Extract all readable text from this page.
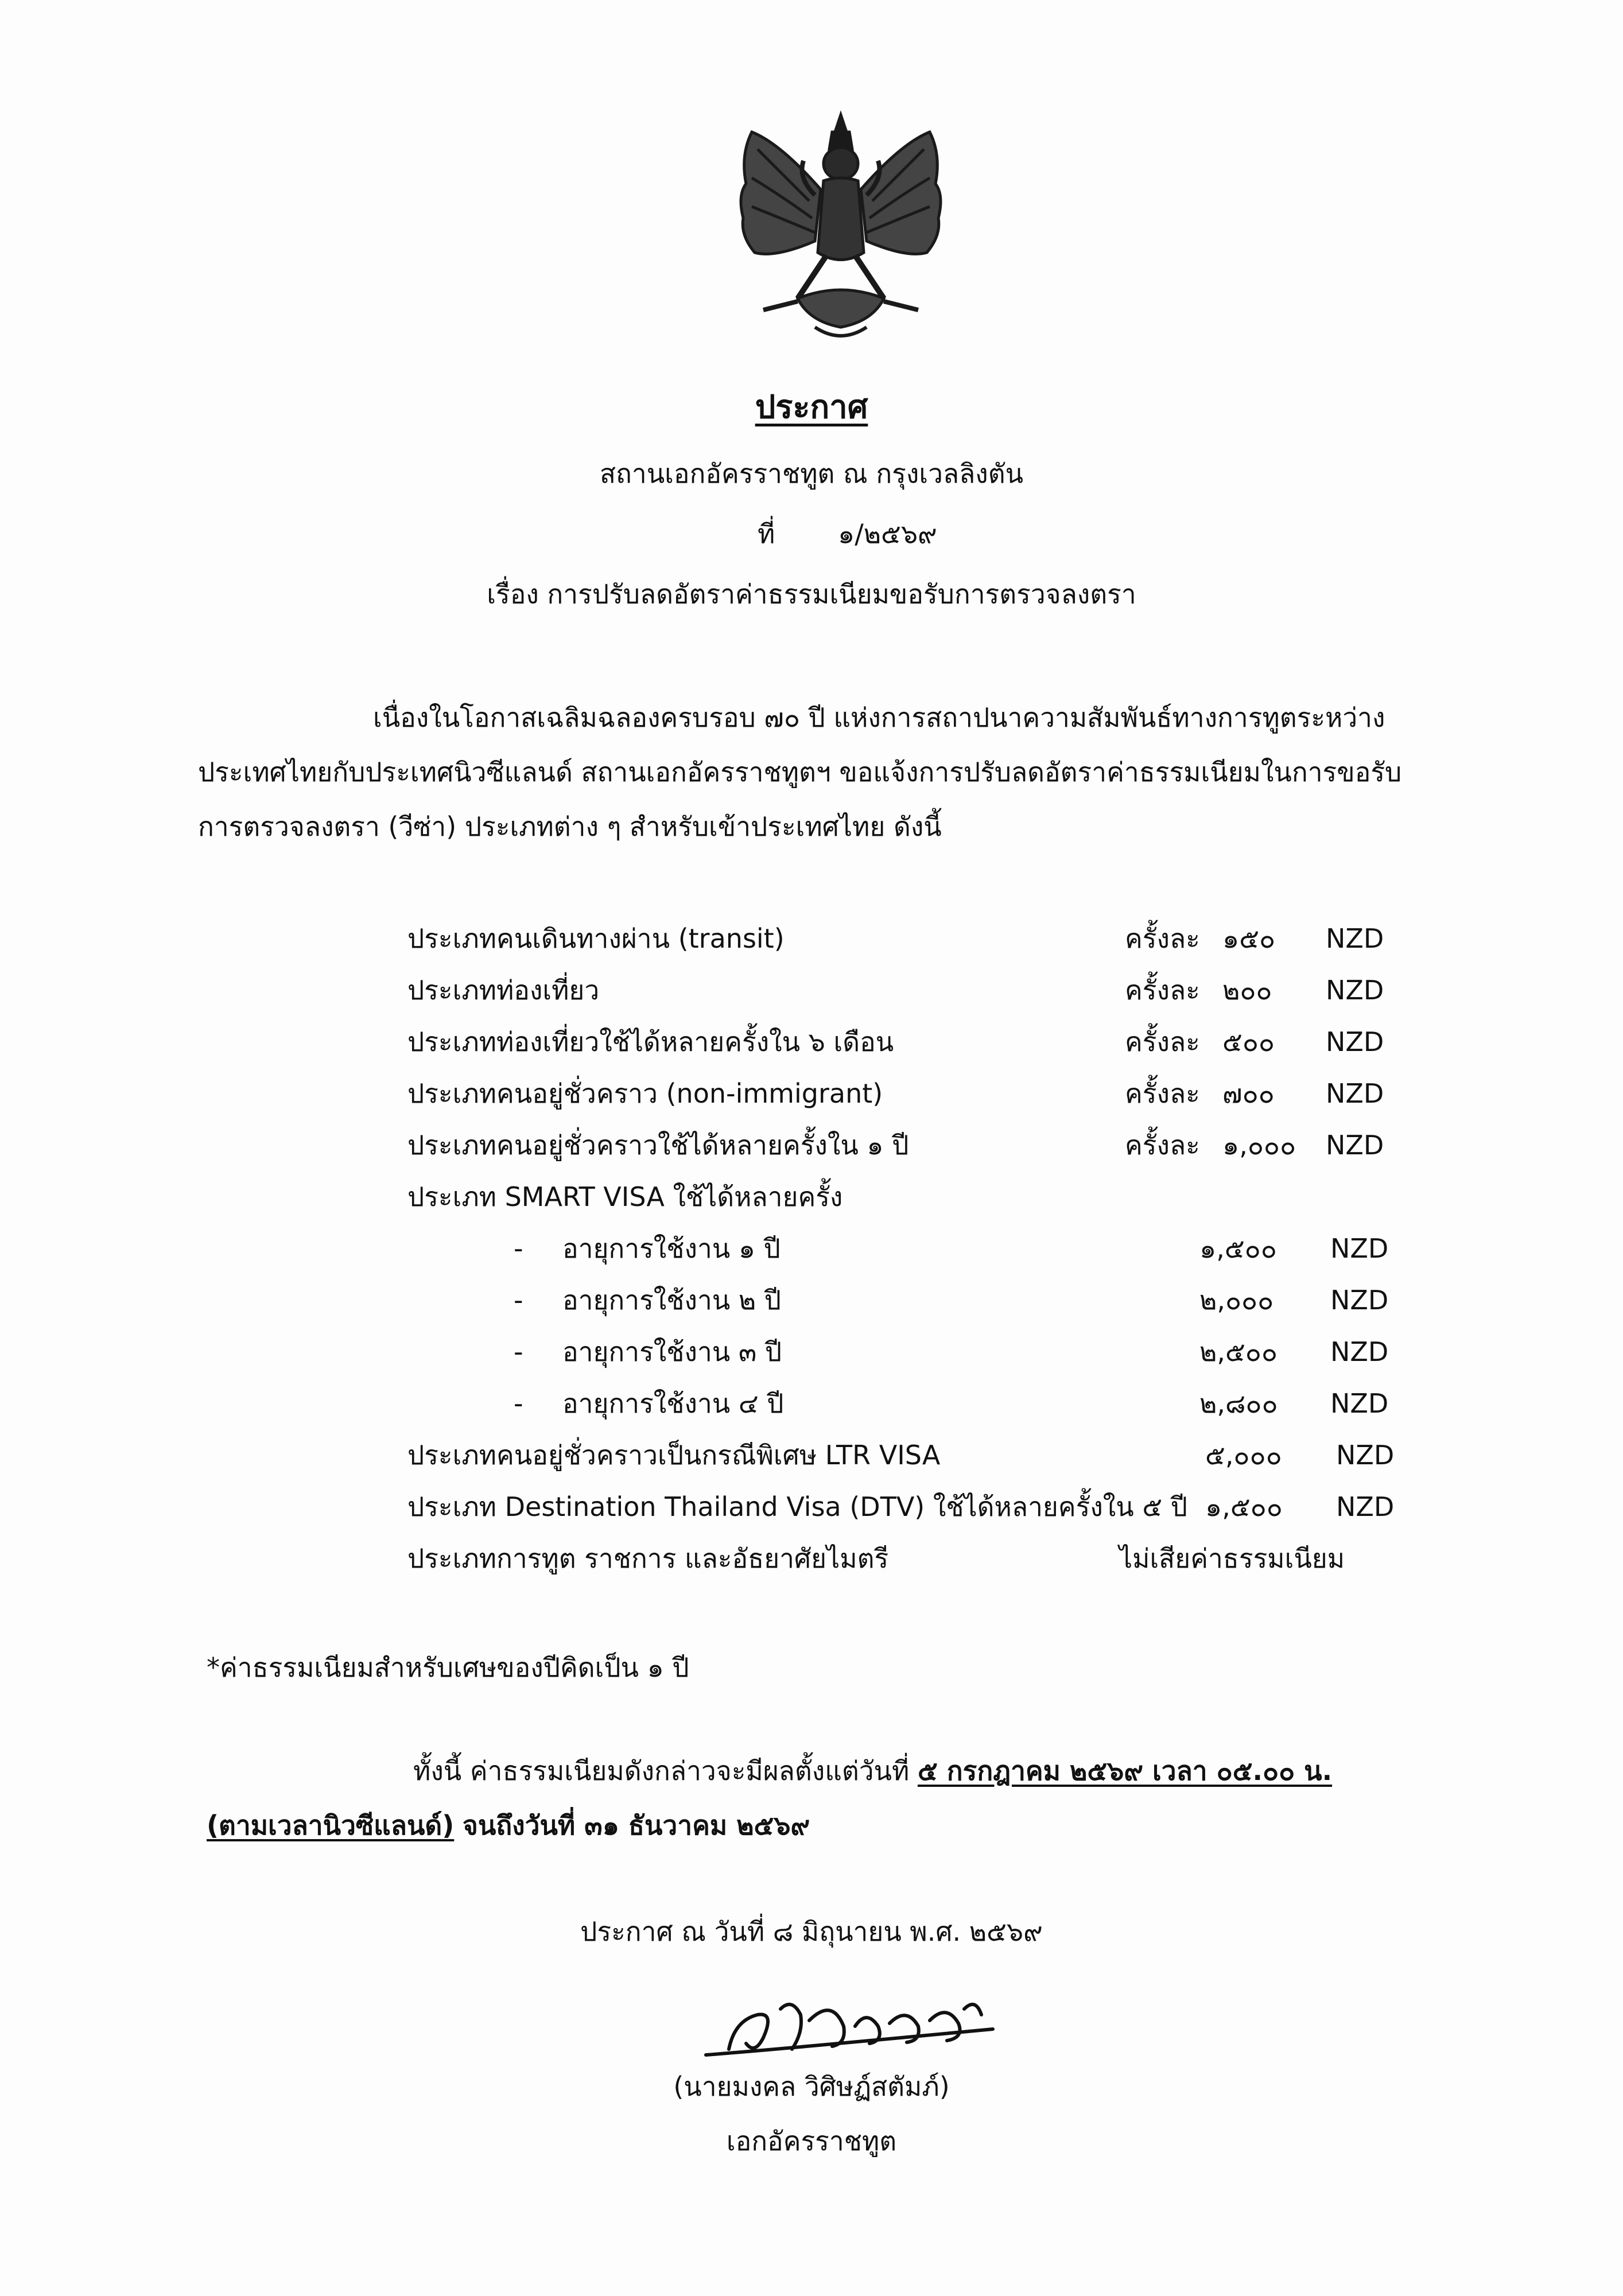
ประกาศ
สถานเอกอัครราชทูต ณ กรุงเวลลิงตัน
ที่ ๑/๒๕๖๙
เรื่อง การปรับลดอัตราค่าธรรมเนียมขอรับการตรวจลงตรา
เนื่องในโอกาสเฉลิมฉลองครบรอบ ๗๐ ปี แห่งการสถาปนาความสัมพันธ์ทางการทูตระหว่าง
ประเทศไทยกับประเทศนิวซีแลนด์ สถานเอกอัครราชทูตฯ ขอแจ้งการปรับลดอัตราค่าธรรมเนียมในการขอรับ
การตรวจลงตรา (วีซ่า) ประเภทต่าง ๆ สำหรับเข้าประเทศไทย ดังนี้
ประเภทคนเดินทางผ่าน (transit)	ครั้งละ ๑๕๐ NZD
ประเภทท่องเที่ยว	ครั้งละ ๒๐๐ NZD
ประเภทท่องเที่ยวใช้ได้หลายครั้งใน ๖ เดือน	ครั้งละ ๕๐๐ NZD
ประเภทคนอยู่ชั่วคราว (non-immigrant)	ครั้งละ ๗๐๐ NZD
ประเภทคนอยู่ชั่วคราวใช้ได้หลายครั้งใน ๑ ปี	ครั้งละ ๑,๐๐๐ NZD
ประเภท SMART VISA ใช้ได้หลายครั้ง
- อายุการใช้งาน ๑ ปี	๑,๕๐๐ NZD
- อายุการใช้งาน ๒ ปี	๒,๐๐๐ NZD
- อายุการใช้งาน ๓ ปี	๒,๕๐๐ NZD
- อายุการใช้งาน ๔ ปี	๒,๘๐๐ NZD
ประเภทคนอยู่ชั่วคราวเป็นกรณีพิเศษ LTR VISA	๕,๐๐๐ NZD
ประเภท Destination Thailand Visa (DTV) ใช้ได้หลายครั้งใน ๕ ปี ๑,๕๐๐ NZD
ประเภทการทูต ราชการ และอัธยาศัยไมตรี	ไม่เสียค่าธรรมเนียม
*ค่าธรรมเนียมสำหรับเศษของปีคิดเป็น ๑ ปี
ทั้งนี้ ค่าธรรมเนียมดังกล่าวจะมีผลตั้งแต่วันที่ ๕ กรกฎาคม ๒๕๖๙ เวลา ๐๕.๐๐ น.
(ตามเวลานิวซีแลนด์) จนถึงวันที่ ๓๑ ธันวาคม ๒๕๖๙
ประกาศ ณ วันที่ ๘ มิถุนายน พ.ศ. ๒๕๖๙
(นายมงคล วิศิษฏ์สตัมภ์)
เอกอัครราชทูต
